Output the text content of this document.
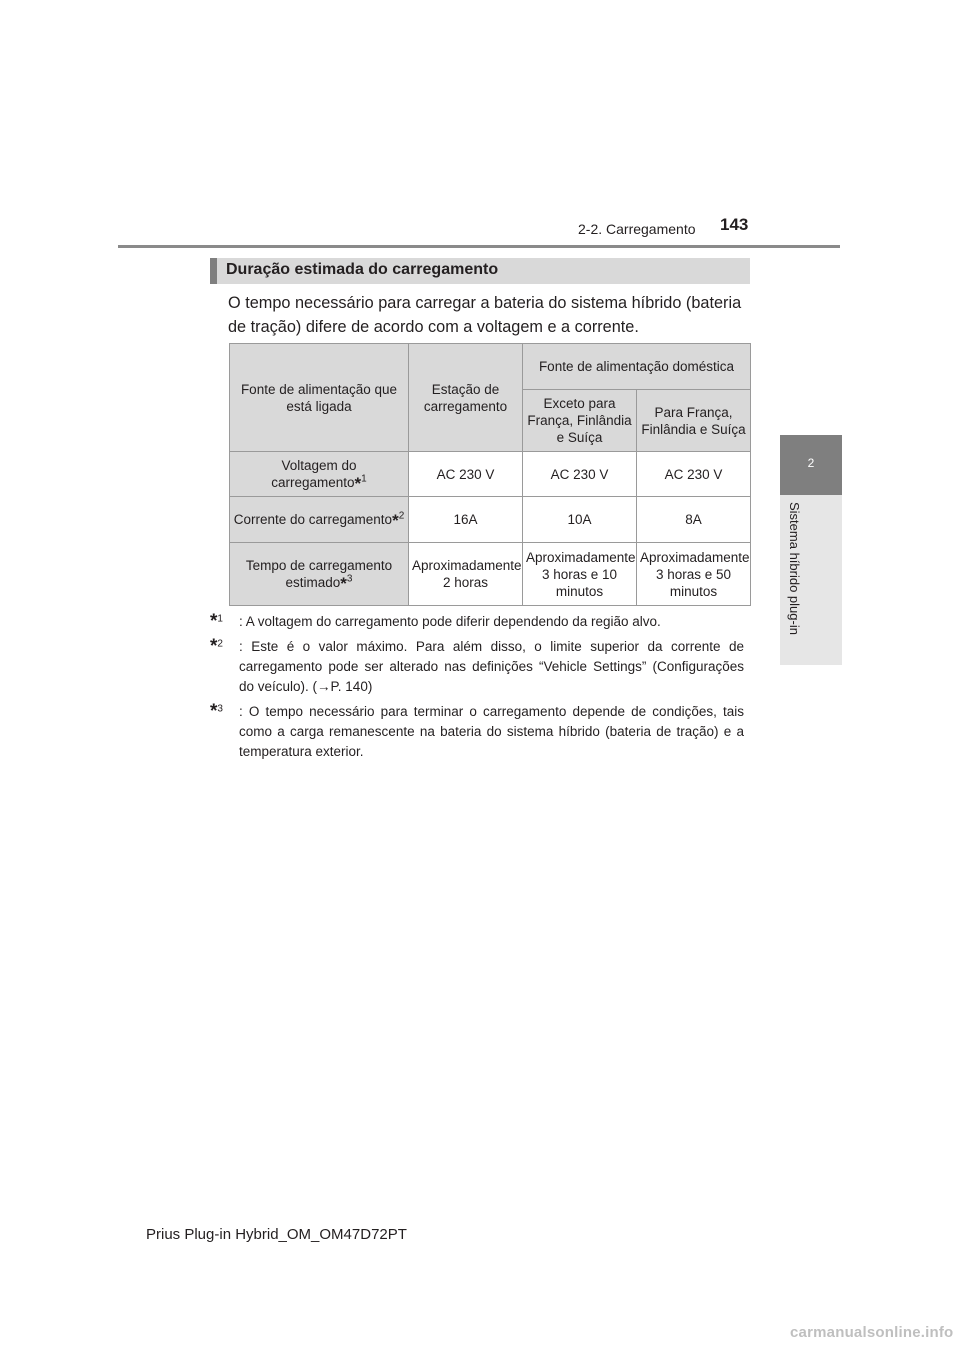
2-2. Carregamento 143
2
Sistema híbrido plug-in
Duração estimada do carregamento

O tempo necessário para carregar a bateria do sistema híbrido (bateria de tração) difere de acordo com a voltagem e a corrente.

Fonte de alimentação que está ligada	Estação de carregamento	Fonte de alimentação doméstica	
		Exceto para França, Finlândia e Suíça	Para França, Finlândia e Suíça
Voltagem do carregamento*$^1$	AC 230 V	AC 230 V	AC 230 V
Corrente do carregamento*$^2$	16A	10A	8A
Tempo de carregamento estimado*$^3$	Aproximadamente 2 horas	Aproximadamente 3 horas e 10 minutos	Aproximadamente 3 horas e 50 minutos
*$^1$ : A voltagem do carregamento pode diferir dependendo da região alvo.
*$^2$ : Este é o valor máximo. Para além disso, o limite superior da corrente de carregamento pode ser alterado nas definições “Vehicle Settings” (Configurações do veículo). (→P. 140)
*$^3$ : O tempo necessário para terminar o carregamento depende de condições, tais como a carga remanescente na bateria do sistema híbrido (bateria de tração) e a temperatura exterior.
Prius Plug-in Hybrid_OM_OM47D72PT
carmanualsonline.info
